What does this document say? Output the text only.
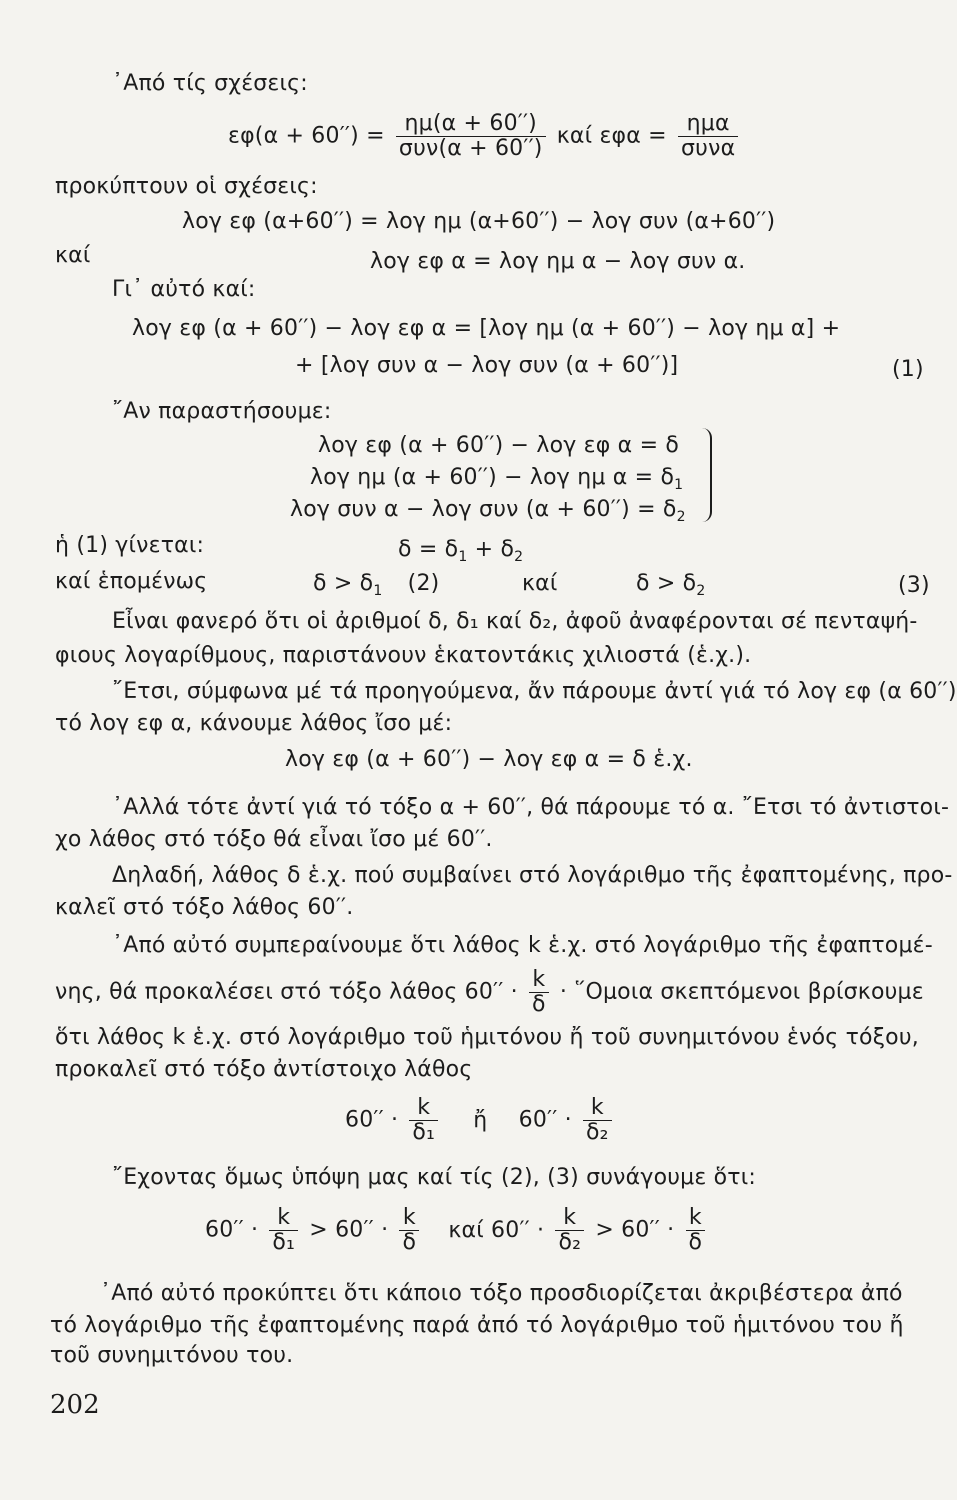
᾿Από τίς σχέσεις:
$\varepsilon\varphi(\alpha + 60'') = \frac{\eta\mu(\alpha + 60'')}{\text{συν(α + 60′′)}}$ καί $\varepsilon\varphi\alpha = \frac{\text{ημα}}{\text{συνα}}$
προκύπτουν οἱ σχέσεις:
λογ εφ (α+60′′) = λογ ημ (α+60′′) − λογ συν (α+60′′)
καί	λογ εφ α = λογ ημ α − λογ συν α.
Γι᾿ αὐτό καί:
λογ εφ (α + 60′′) − λογ εφ α = [λογ ημ (α + 60′′) − λογ ημ α] +
+ [λογ συν α − λογ συν (α + 60′′)]	(1)
῎Αν παραστήσουμε:
λογ εφ (α + 60′′) − λογ εφ α = δ
λογ ημ (α + 60′′) − λογ ημ $\alpha = \delta_1$
λογ συν α − λογ συν $(\alpha + 60'') = \delta_2$
ἡ (1) γίνεται:	$\delta = \delta_1 + \delta_2$
καί ἑπομένως	$\delta > \delta_1$ (2)	καί	$\delta > \delta_2$	(3)
Εἶναι φανερό ὅτι οἱ ἀριθμοί δ, δ₁ καί δ₂, ἀφοῦ ἀναφέρονται σέ πενταψή-
φιους λογαρίθμους, παριστάνουν ἑκατοντάκις χιλιοστά (ἑ.χ.).
῎Ετσι, σύμφωνα μέ τά προηγούμενα, ἄν πάρουμε ἀντί γιά τό λογ εφ (α 60′′)
τό λογ εφ α, κάνουμε λάθος ἴσο μέ:
λογ εφ (α + 60′′) − λογ εφ α = δ ἑ.χ.
᾿Αλλά τότε ἀντί γιά τό τόξο α + 60′′, θά πάρουμε τό α. ῎Ετσι τό ἀντιστοι-
χο λάθος στό τόξο θά εἶναι ἴσο μέ 60′′.
Δηλαδή, λάθος δ ἑ.χ. πού συμβαίνει στό λογάριθμο τῆς ἐφαπτομένης, προ-
καλεῖ στό τόξο λάθος 60′′.
᾿Από αὐτό συμπεραίνουμε ὅτι λάθος k ἑ.χ. στό λογάριθμο τῆς ἐφαπτομέ-
νης, θά προκαλέσει στό τόξο λάθος $60'' \cdot \frac{k}{\delta}$ · ῞Ομοια σκεπτόμενοι βρίσκουμε
ὅτι λάθος k ἑ.χ. στό λογάριθμο τοῦ ἡμιτόνου ἤ τοῦ συνημιτόνου ἑνός τόξου,
προκαλεῖ στό τόξο ἀντίστοιχο λάθος
$60'' \cdot \frac{k}{\text{δ₁}}$ ἤ $60'' \cdot \frac{k}{\text{δ₂}}$
῎Εχοντας ὅμως ὑπόψη μας καί τίς (2), (3) συνάγουμε ὅτι:
$60'' \cdot \frac{k}{\text{δ₁}} > 60'' \cdot \frac{k}{\delta}$ καί $60'' \cdot \frac{k}{\text{δ₂}} > 60'' \cdot \frac{k}{\delta}$
᾿Από αὐτό προκύπτει ὅτι κάποιο τόξο προσδιορίζεται ἀκριβέστερα ἀπό
τό λογάριθμο τῆς ἐφαπτομένης παρά ἀπό τό λογάριθμο τοῦ ἡμιτόνου του ἤ
τοῦ συνημιτόνου του.
202
